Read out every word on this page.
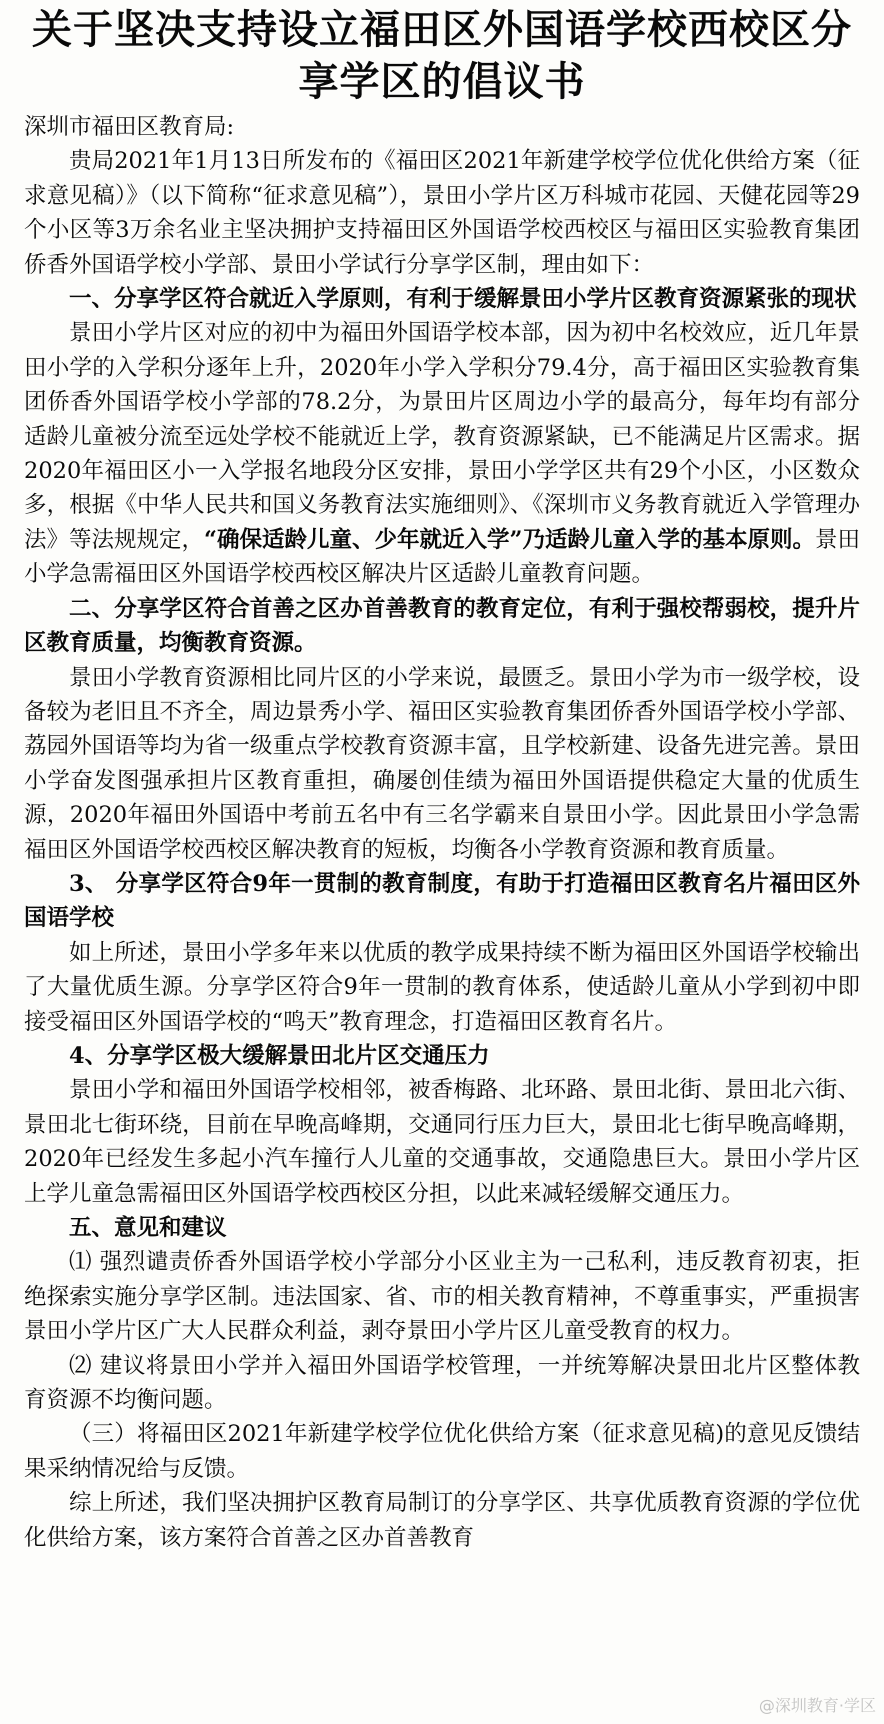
关于坚决支持设立福田区外国语学校西校区分享学区的倡议书

深圳市福田区教育局:

贵局2021年1月13日所发布的《福田区2021年新建学校学位优化供给方案（征求意见稿）》（以下简称“征求意见稿”），景田小学片区万科城市花园、天健花园等29个小区等3万余名业主坚决拥护支持福田区外国语学校西校区与福田区实验教育集团侨香外国语学校小学部、景田小学试行分享学区制，理由如下：

一、分享学区符合就近入学原则，有利于缓解景田小学片区教育资源紧张的现状

景田小学片区对应的初中为福田外国语学校本部，因为初中名校效应，近几年景田小学的入学积分逐年上升，2020年小学入学积分79.4分，高于福田区实验教育集团侨香外国语学校小学部的78.2分，为景田片区周边小学的最高分，每年均有部分适龄儿童被分流至远处学校不能就近上学，教育资源紧缺，已不能满足片区需求。据2020年福田区小一入学报名地段分区安排，景田小学学区共有29个小区，小区数众多，根据《中华人民共和国义务教育法实施细则》、《深圳市义务教育就近入学管理办法》等法规规定，“确保适龄儿童、少年就近入学”乃适龄儿童入学的基本原则。景田小学急需福田区外国语学校西校区解决片区适龄儿童教育问题。

二、分享学区符合首善之区办首善教育的教育定位，有利于强校帮弱校，提升片区教育质量，均衡教育资源。

景田小学教育资源相比同片区的小学来说，最匮乏。景田小学为市一级学校，设备较为老旧且不齐全，周边景秀小学、福田区实验教育集团侨香外国语学校小学部、荔园外国语等均为省一级重点学校教育资源丰富，且学校新建、设备先进完善。景田小学奋发图强承担片区教育重担，确屡创佳绩为福田外国语提供稳定大量的优质生源，2020年福田外国语中考前五名中有三名学霸来自景田小学。因此景田小学急需福田区外国语学校西校区解决教育的短板，均衡各小学教育资源和教育质量。

3、 分享学区符合9年一贯制的教育制度，有助于打造福田区教育名片福田区外国语学校

如上所述，景田小学多年来以优质的教学成果持续不断为福田区外国语学校输出了大量优质生源。分享学区符合9年一贯制的教育体系，使适龄儿童从小学到初中即接受福田区外国语学校的“鸣天”教育理念，打造福田区教育名片。

4、分享学区极大缓解景田北片区交通压力

景田小学和福田外国语学校相邻，被香梅路、北环路、景田北街、景田北六街、景田北七街环绕，目前在早晚高峰期，交通同行压力巨大，景田北七街早晚高峰期，2020年已经发生多起小汽车撞行人儿童的交通事故，交通隐患巨大。景田小学片区上学儿童急需福田区外国语学校西校区分担，以此来减轻缓解交通压力。

五、意见和建议

⑴ 强烈谴责侨香外国语学校小学部分小区业主为一己私利，违反教育初衷，拒绝探索实施分享学区制。违法国家、省、市的相关教育精神，不尊重事实，严重损害景田小学片区广大人民群众利益，剥夺景田小学片区儿童受教育的权力。

⑵ 建议将景田小学并入福田外国语学校管理，一并统筹解决景田北片区整体教育资源不均衡问题。

（三）将福田区2021年新建学校学位优化供给方案（征求意见稿)的意见反馈结果采纳情况给与反馈。

综上所述，我们坚决拥护区教育局制订的分享学区、共享优质教育资源的学位优化供给方案，该方案符合首善之区办首善教育

@深圳教育·学区
